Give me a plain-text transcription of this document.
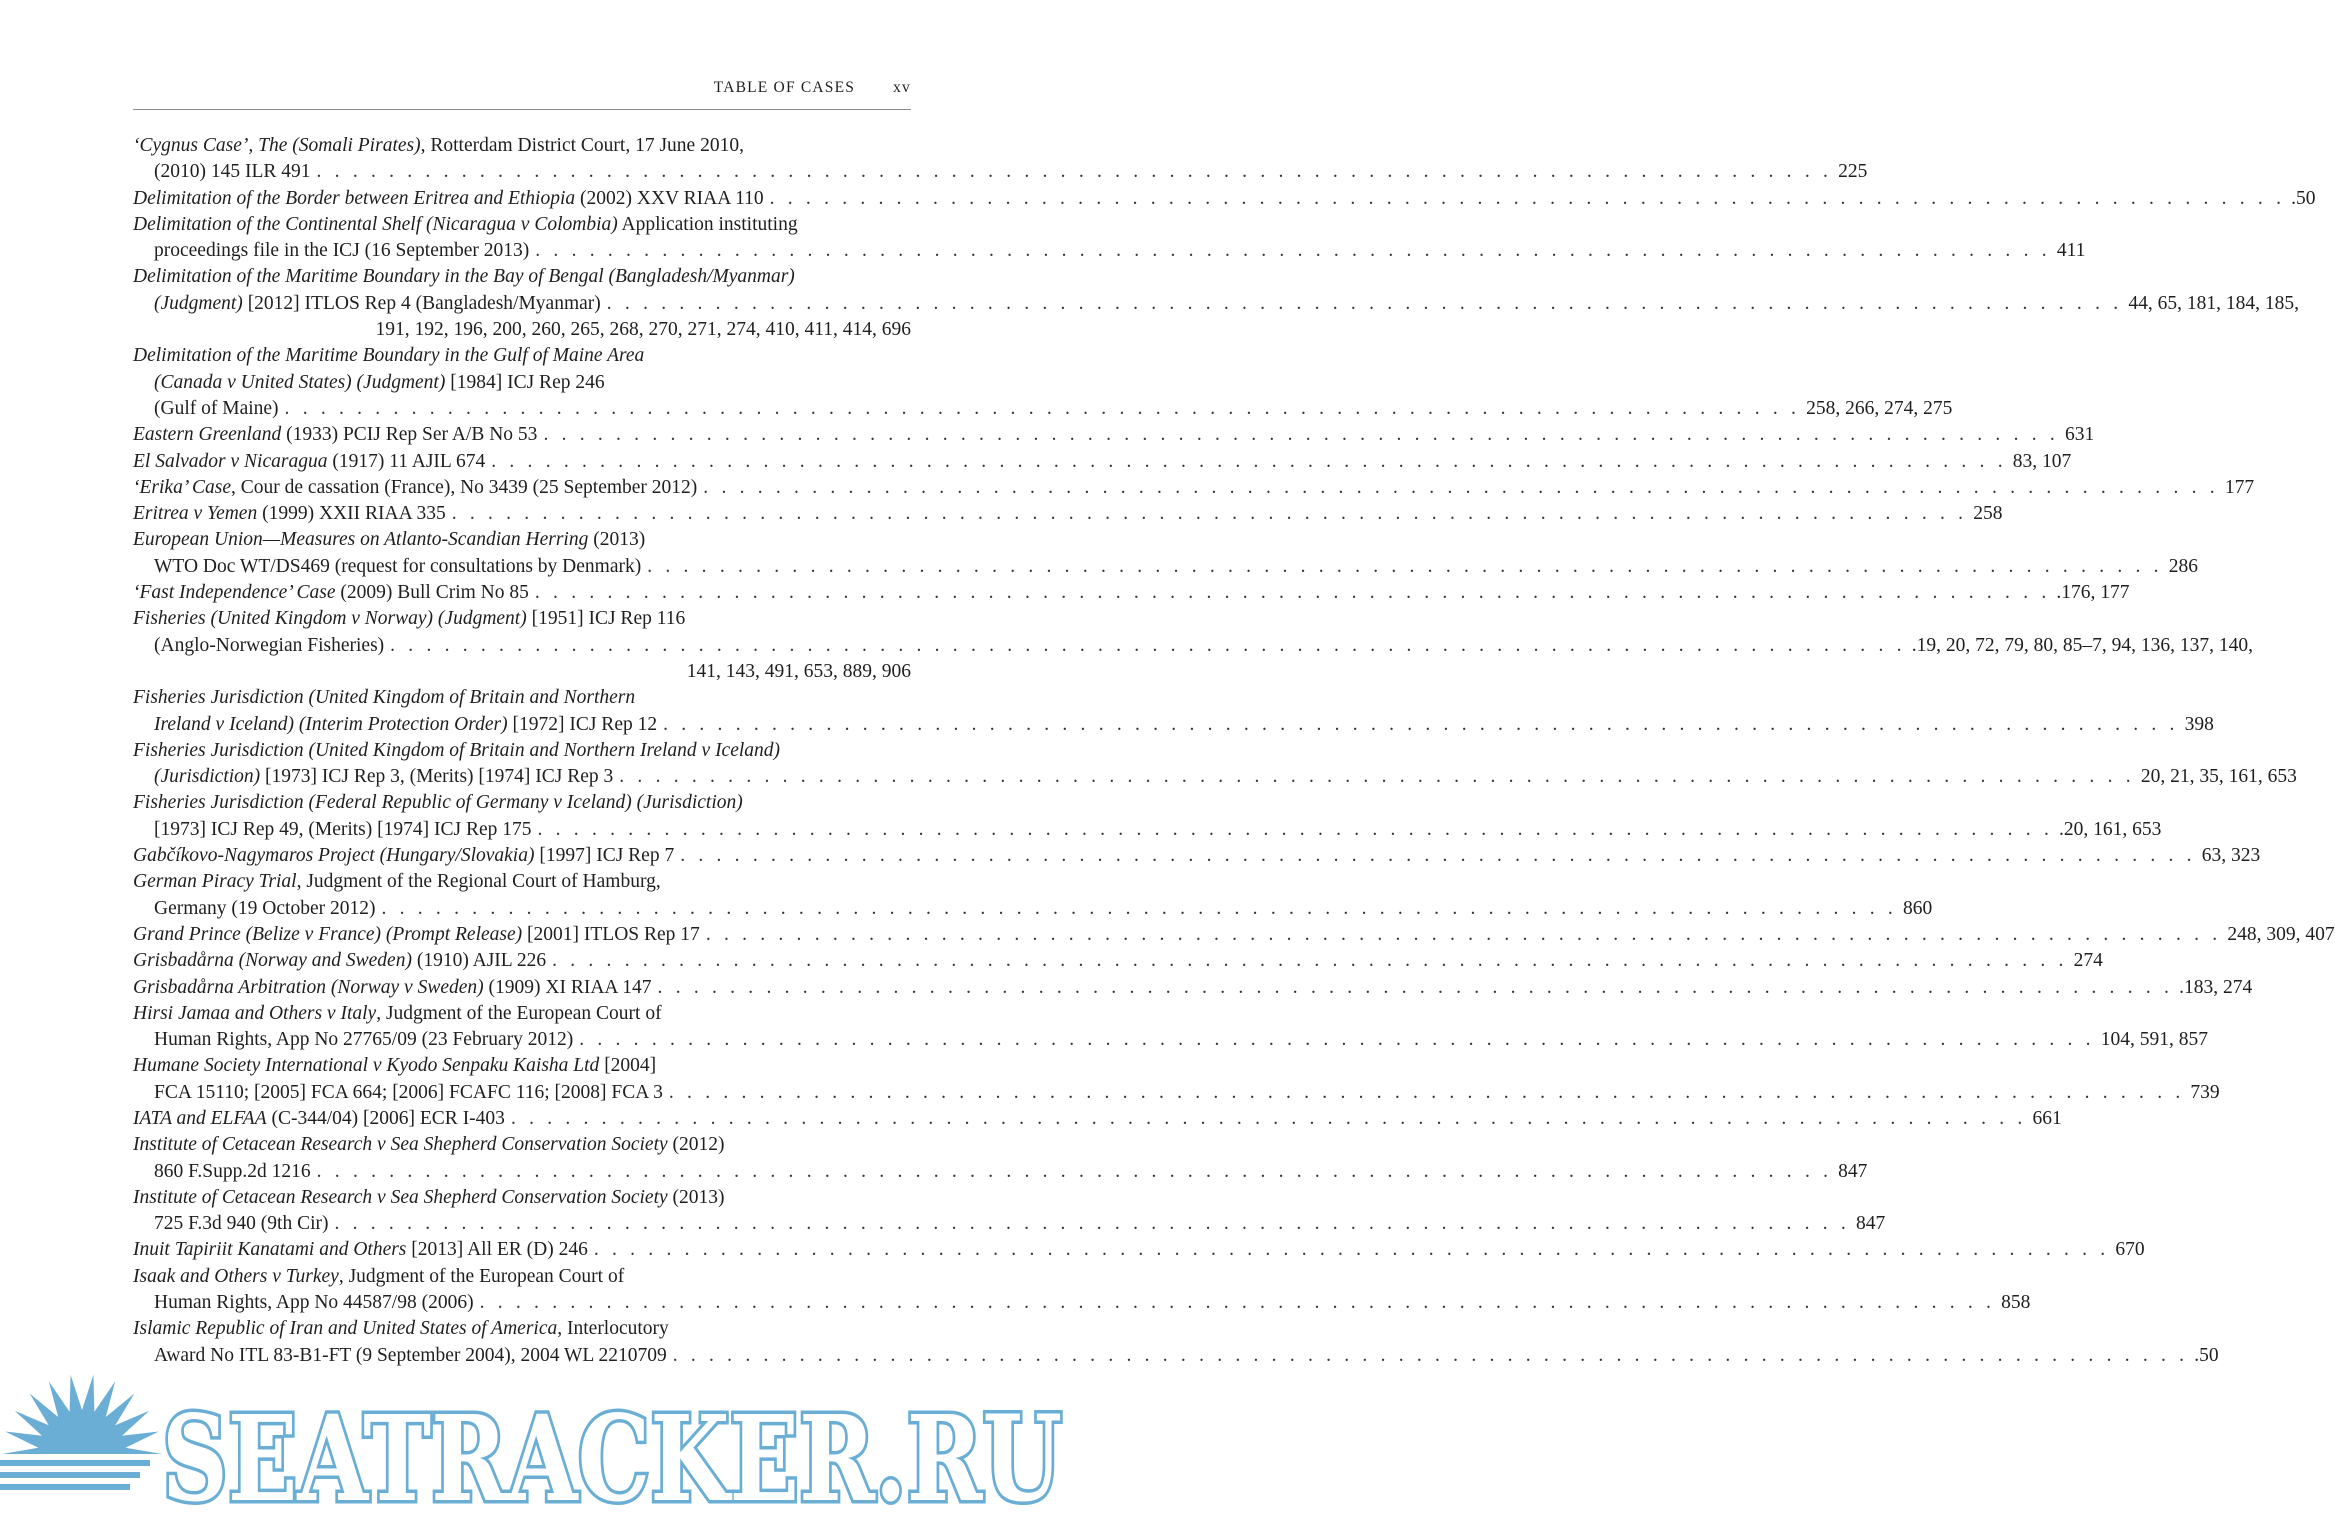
TABLE OF CASES xv
‘Cygnus Case’, The (Somali Pirates), Rotterdam District Court, 17 June 2010,
(2010) 145 ILR 491 . . .	225
Delimitation of the Border between Eritrea and Ethiopia (2002) XXV RIAA 110 . . .	.50
Delimitation of the Continental Shelf (Nicaragua v Colombia) Application instituting
proceedings file in the ICJ (16 September 2013) . . .	411
Delimitation of the Maritime Boundary in the Bay of Bengal (Bangladesh/Myanmar)
(Judgment) [2012] ITLOS Rep 4 (Bangladesh/Myanmar) . . .	44, 65, 181, 184, 185,
191, 192, 196, 200, 260, 265, 268, 270, 271, 274, 410, 411, 414, 696
Delimitation of the Maritime Boundary in the Gulf of Maine Area
(Canada v United States) (Judgment) [1984] ICJ Rep 246
(Gulf of Maine) . . .	258, 266, 274, 275
Eastern Greenland (1933) PCIJ Rep Ser A/B No 53 . . .	631
El Salvador v Nicaragua (1917) 11 AJIL 674 . . .	83, 107
‘Erika’ Case, Cour de cassation (France), No 3439 (25 September 2012) . . .	177
Eritrea v Yemen (1999) XXII RIAA 335 . . .	258
European Union—Measures on Atlanto-Scandian Herring (2013)
WTO Doc WT/DS469 (request for consultations by Denmark) . . .	286
‘Fast Independence’ Case (2009) Bull Crim No 85 . . .	.176, 177
Fisheries (United Kingdom v Norway) (Judgment) [1951] ICJ Rep 116
(Anglo-Norwegian Fisheries) . . .	.19, 20, 72, 79, 80, 85–7, 94, 136, 137, 140,
141, 143, 491, 653, 889, 906
Fisheries Jurisdiction (United Kingdom of Britain and Northern
Ireland v Iceland) (Interim Protection Order) [1972] ICJ Rep 12 . . .	398
Fisheries Jurisdiction (United Kingdom of Britain and Northern Ireland v Iceland)
(Jurisdiction) [1973] ICJ Rep 3, (Merits) [1974] ICJ Rep 3 . . .	20, 21, 35, 161, 653
Fisheries Jurisdiction (Federal Republic of Germany v Iceland) (Jurisdiction)
[1973] ICJ Rep 49, (Merits) [1974] ICJ Rep 175 . . .	.20, 161, 653
Gabčíkovo-Nagymaros Project (Hungary/Slovakia) [1997] ICJ Rep 7 . . .	63, 323
German Piracy Trial, Judgment of the Regional Court of Hamburg,
Germany (19 October 2012) . . .	860
Grand Prince (Belize v France) (Prompt Release) [2001] ITLOS Rep 17 . . .	248, 309, 407
Grisbadårna (Norway and Sweden) (1910) AJIL 226 . . .	274
Grisbadårna Arbitration (Norway v Sweden) (1909) XI RIAA 147 . . .	.183, 274
Hirsi Jamaa and Others v Italy, Judgment of the European Court of
Human Rights, App No 27765/09 (23 February 2012) . . .	104, 591, 857
Humane Society International v Kyodo Senpaku Kaisha Ltd [2004]
FCA 15110; [2005] FCA 664; [2006] FCAFC 116; [2008] FCA 3 . . .	739
IATA and ELFAA (C-344/04) [2006] ECR I-403 . . .	661
Institute of Cetacean Research v Sea Shepherd Conservation Society (2012)
860 F.Supp.2d 1216 . . .	847
Institute of Cetacean Research v Sea Shepherd Conservation Society (2013)
725 F.3d 940 (9th Cir) . . .	847
Inuit Tapiriit Kanatami and Others [2013] All ER (D) 246 . . .	670
Isaak and Others v Turkey, Judgment of the European Court of
Human Rights, App No 44587/98 (2006) . . .	858
Islamic Republic of Iran and United States of America, Interlocutory
Award No ITL 83-B1-FT (9 September 2004), 2004 WL 2210709 . . .	.50
SEATRACKER.RU
